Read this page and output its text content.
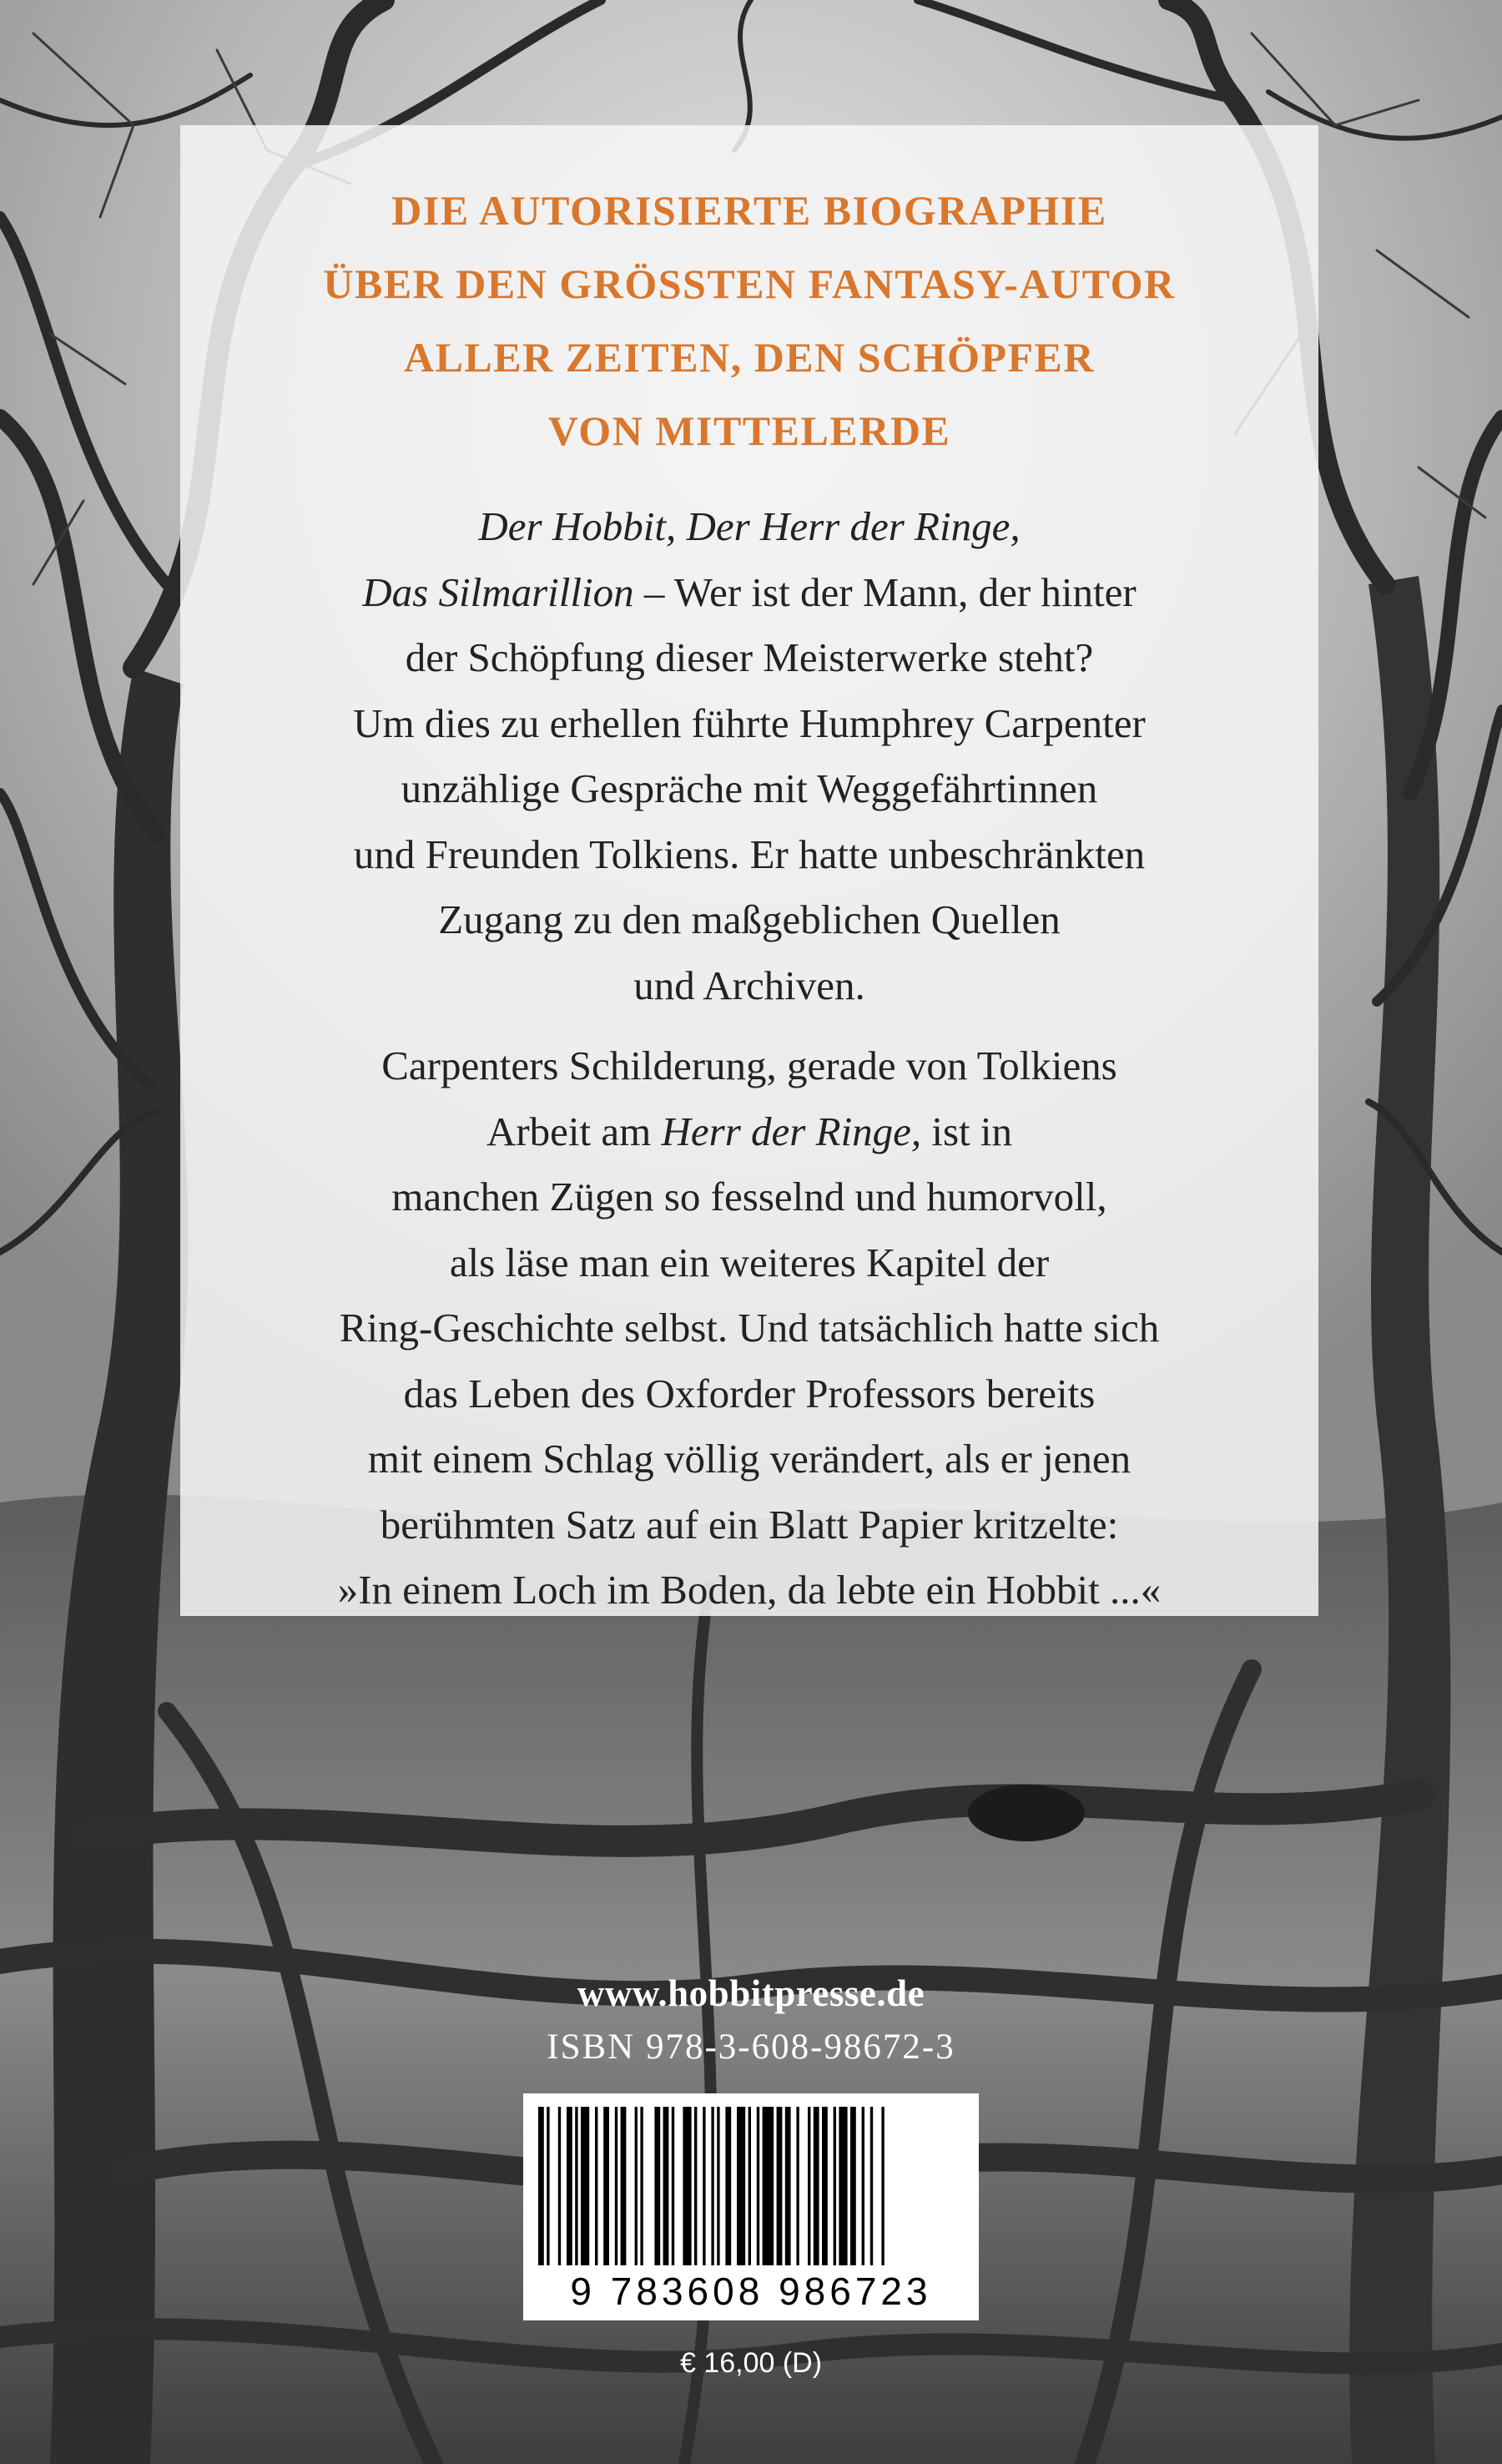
DIE AUTORISIERTE BIOGRAPHIE
ÜBER DEN GRÖSSTEN FANTASY-AUTOR
ALLER ZEITEN, DEN SCHÖPFER
VON MITTELERDE
Der Hobbit, Der Herr der Ringe,
Das Silmarillion – Wer ist der Mann, der hinter
der Schöpfung dieser Meisterwerke steht?
Um dies zu erhellen führte Humphrey Carpenter
unzählige Gespräche mit Weggefährtinnen
und Freunden Tolkiens. Er hatte unbeschränkten
Zugang zu den maßgeblichen Quellen
und Archiven.
Carpenters Schilderung, gerade von Tolkiens
Arbeit am Herr der Ringe, ist in
manchen Zügen so fesselnd und humorvoll,
als läse man ein weiteres Kapitel der
Ring-Geschichte selbst. Und tatsächlich hatte sich
das Leben des Oxforder Professors bereits
mit einem Schlag völlig verändert, als er jenen
berühmten Satz auf ein Blatt Papier kritzelte:
»In einem Loch im Boden, da lebte ein Hobbit ...«
www.hobbitpresse.de
ISBN 978-3-608-98672-3
9 783608 986723
€ 16,00 (D)
